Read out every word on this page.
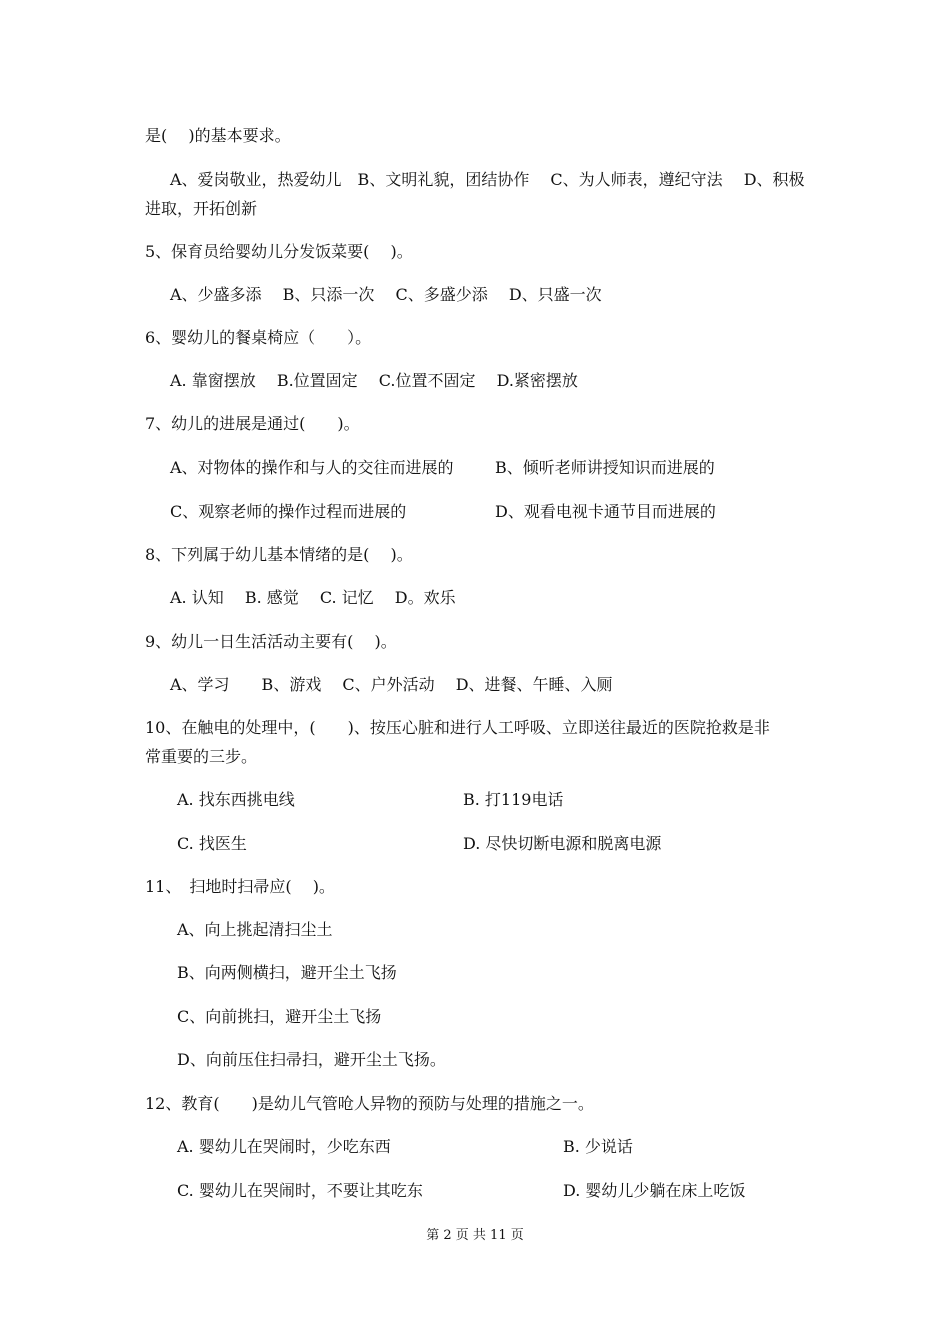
是(　 )的基本要求。

A、爱岗敬业，热爱幼儿　B、文明礼貌，团结协作　 C、为人师表，遵纪守法　 D、积极

进取，开拓创新

5、保育员给婴幼儿分发饭菜要(　 )。

A、少盛多添　 B、只添一次　 C、多盛少添　 D、只盛一次

6、婴幼儿的餐桌椅应（　　）。

A. 靠窗摆放　 B.位置固定　 C.位置不固定　 D.紧密摆放

7、幼儿的进展是通过(　　)。

A、对物体的操作和与人的交往而进展的	B、倾听老师讲授知识而进展的

C、观察老师的操作过程而进展的	D、观看电视卡通节目而进展的

8、下列属于幼儿基本情绪的是(　 )。

A. 认知　 B. 感觉　 C. 记忆　 D。欢乐

9、幼儿一日生活活动主要有(　 )。

A、学习　　B、游戏　 C、户外活动　 D、进餐、午睡、入厕

10、在触电的处理中，(　　)、按压心脏和进行人工呼吸、立即送往最近的医院抢救是非

常重要的三步。

A. 找东西挑电线	B. 打119电话

C. 找医生	D. 尽快切断电源和脱离电源

11、　扫地时扫帚应(　 )。

A、向上挑起清扫尘土

B、向两侧横扫，避开尘土飞扬

C、向前挑扫，避开尘土飞扬

D、向前压住扫帚扫，避开尘土飞扬。

12、教育(　　)是幼儿气管呛人异物的预防与处理的措施之一。

A. 婴幼儿在哭闹时，少吃东西	B. 少说话

C. 婴幼儿在哭闹时，不要让其吃东	D. 婴幼儿少躺在床上吃饭

第 2 页 共 11 页
